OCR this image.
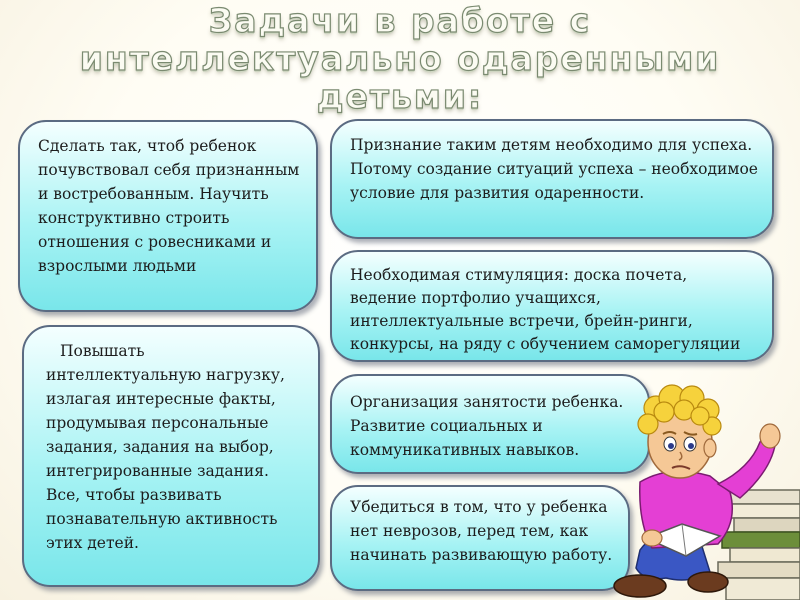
Задачи в работе с
интеллектуально одаренными
детьми:

Сделать так, чтоб ребенок почувствовал себя признанным и востребованным. Научить конструктивно строить отношения с ровесниками и взрослыми людьми

Повышать интеллектуальную нагрузку, излагая интересные факты, продумывая персональные задания, задания на выбор, интегрированные задания. Все, чтобы развивать познавательную активность этих детей.

Признание таким детям необходимо для успеха. Потому создание ситуаций успеха – необходимое условие для развития одаренности.

Необходимая стимуляция: доска почета, ведение портфолио учащихся, интеллектуальные встречи, брейн-ринги, конкурсы, на ряду с обучением саморегуляции

Организация занятости ребенка. Развитие социальных и коммуникативных навыков.

Убедиться в том, что у ребенка нет неврозов, перед тем, как начинать развивающую работу.
